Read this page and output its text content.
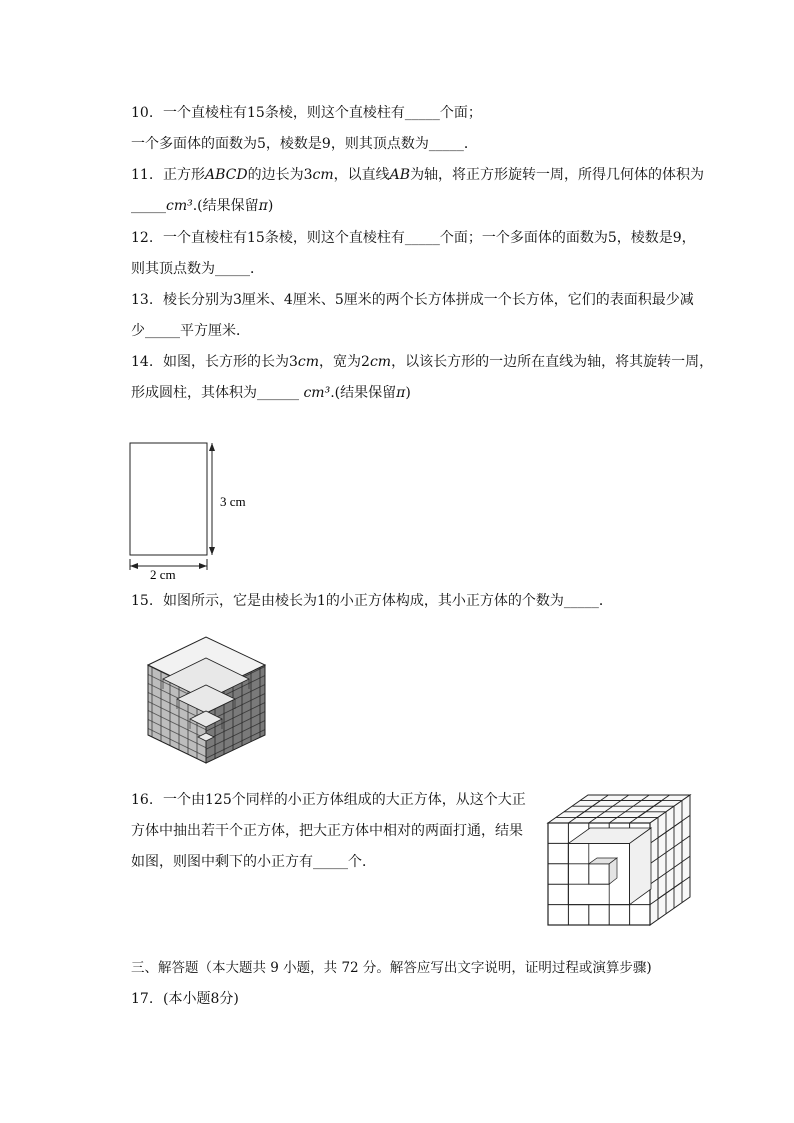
10. 一个直棱柱有15条棱，则这个直棱柱有_____个面；
一个多面体的面数为5，棱数是9，则其顶点数为_____．
11. 正方形ABCD的边长为3cm，以直线AB为轴，将正方形旋转一周，所得几何体的体积为
_____cm³.(结果保留π)
12. 一个直棱柱有15条棱，则这个直棱柱有_____个面；一个多面体的面数为5，棱数是9，
则其顶点数为_____．
13. 棱长分别为3厘米、4厘米、5厘米的两个长方体拼成一个长方体，它们的表面积最少减
少_____平方厘米．
14. 如图，长方形的长为3cm，宽为2cm，以该长方形的一边所在直线为轴，将其旋转一周，
形成圆柱，其体积为______ cm³.(结果保留π)
3 cm
2 cm
15. 如图所示，它是由棱长为1的小正方体构成，其小正方体的个数为_____．
16. 一个由125个同样的小正方体组成的大正方体，从这个大正
方体中抽出若干个正方体，把大正方体中相对的两面打通，结果
如图，则图中剩下的小正方有_____个．
三、解答题（本大题共 9 小题，共 72 分。解答应写出文字说明，证明过程或演算步骤)
17. (本小题8分)
